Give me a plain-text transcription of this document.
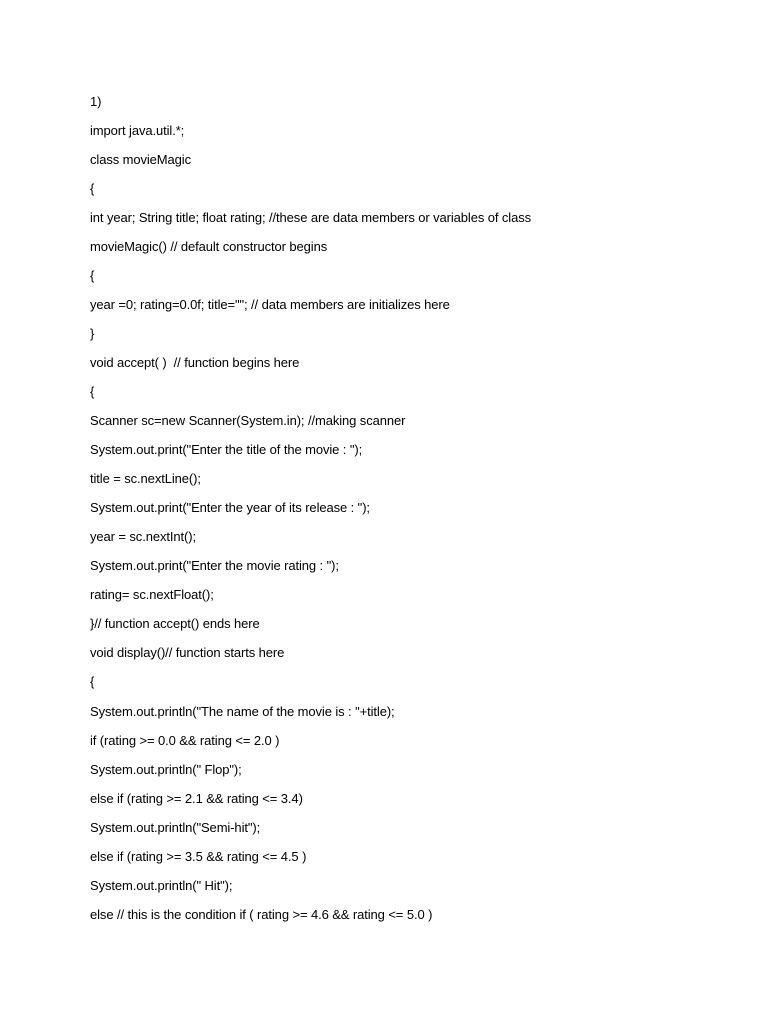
1)
import java.util.*;
class movieMagic
{
int year; String title; float rating; //these are data members or variables of class
movieMagic() // default constructor begins
{
year =0; rating=0.0f; title=""; // data members are initializes here
}
void accept( )  // function begins here
{
Scanner sc=new Scanner(System.in); //making scanner
System.out.print("Enter the title of the movie : ");
title = sc.nextLine();
System.out.print("Enter the year of its release : ");
year = sc.nextInt();
System.out.print("Enter the movie rating : ");
rating= sc.nextFloat();
}// function accept() ends here
void display()// function starts here
{
System.out.println("The name of the movie is : "+title);
if (rating >= 0.0 && rating <= 2.0 )
System.out.println(" Flop");
else if (rating >= 2.1 && rating <= 3.4)
System.out.println("Semi-hit");
else if (rating >= 3.5 && rating <= 4.5 )
System.out.println(" Hit");
else // this is the condition if ( rating >= 4.6 && rating <= 5.0 )
